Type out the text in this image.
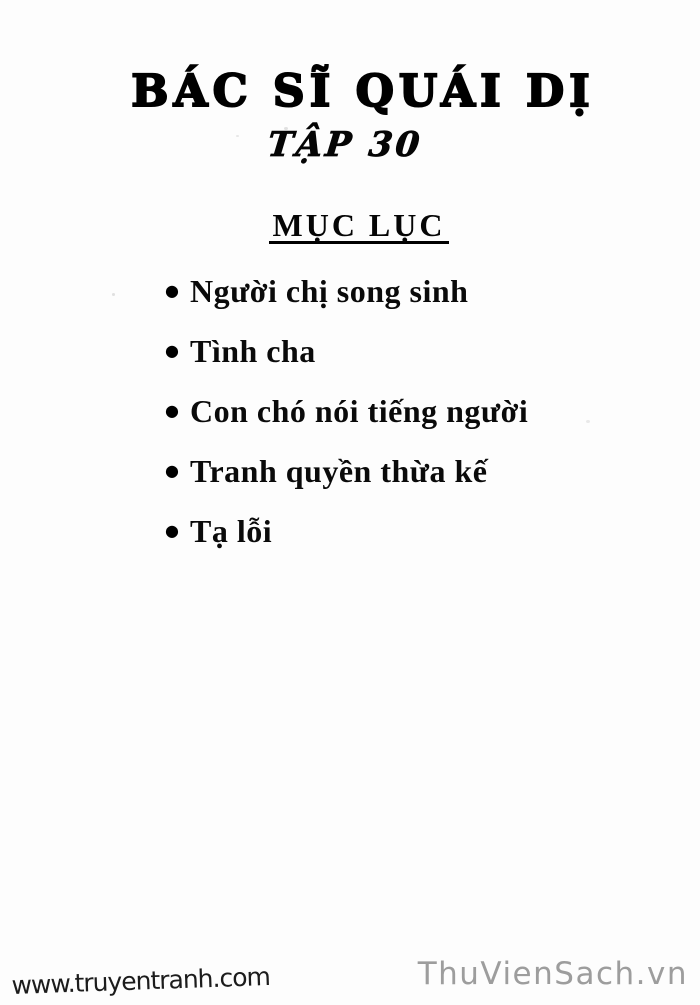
BÁC SĨ QUÁI DỊ
TẬP 30
MỤC LỤC
● Người chị song sinh
● Tình cha
● Con chó nói tiếng người
● Tranh quyền thừa kế
● Tạ lỗi
www.truyentranh.com	ThuVienSach.vn
